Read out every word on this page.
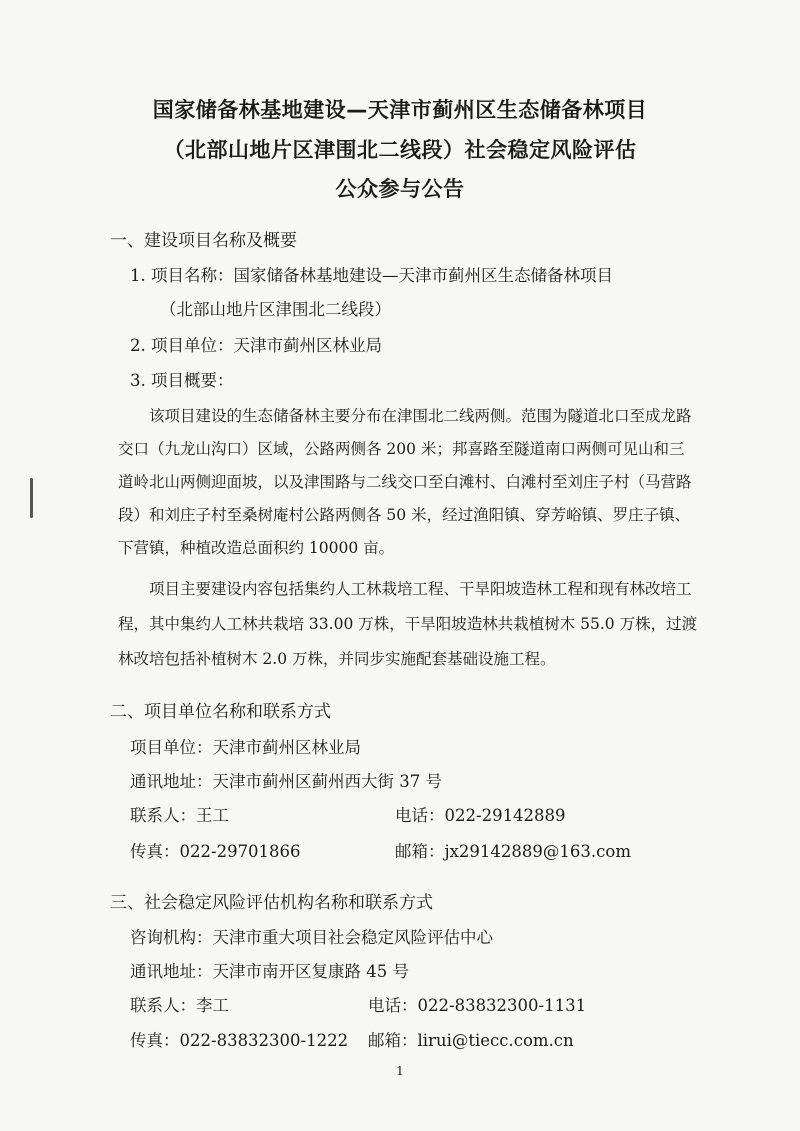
国家储备林基地建设—天津市蓟州区生态储备林项目
（北部山地片区津围北二线段）社会稳定风险评估
公众参与公告
一、建设项目名称及概要
1. 项目名称：国家储备林基地建设—天津市蓟州区生态储备林项目
（北部山地片区津围北二线段）
2. 项目单位：天津市蓟州区林业局
3. 项目概要：
该项目建设的生态储备林主要分布在津围北二线两侧。范围为隧道北口至成龙路交口（九龙山沟口）区域，公路两侧各 200 米；邦喜路至隧道南口两侧可见山和三道岭北山两侧迎面坡，以及津围路与二线交口至白滩村、白滩村至刘庄子村（马营路段）和刘庄子村至桑树庵村公路两侧各 50 米，经过渔阳镇、穿芳峪镇、罗庄子镇、下营镇，种植改造总面积约 10000 亩。
项目主要建设内容包括集约人工林栽培工程、干旱阳坡造林工程和现有林改培工程，其中集约人工林共栽培 33.00 万株，干旱阳坡造林共栽植树木 55.0 万株，过渡林改培包括补植树木 2.0 万株，并同步实施配套基础设施工程。
二、项目单位名称和联系方式
项目单位：天津市蓟州区林业局
通讯地址：天津市蓟州区蓟州西大街 37 号
联系人：王工	电话：022-29142889
传真：022-29701866	邮箱：jx29142889@163.com
三、社会稳定风险评估机构名称和联系方式
咨询机构：天津市重大项目社会稳定风险评估中心
通讯地址：天津市南开区复康路 45 号
联系人：李工	电话：022-83832300-1131
传真：022-83832300-1222 邮箱：lirui@tiecc.com.cn
1
